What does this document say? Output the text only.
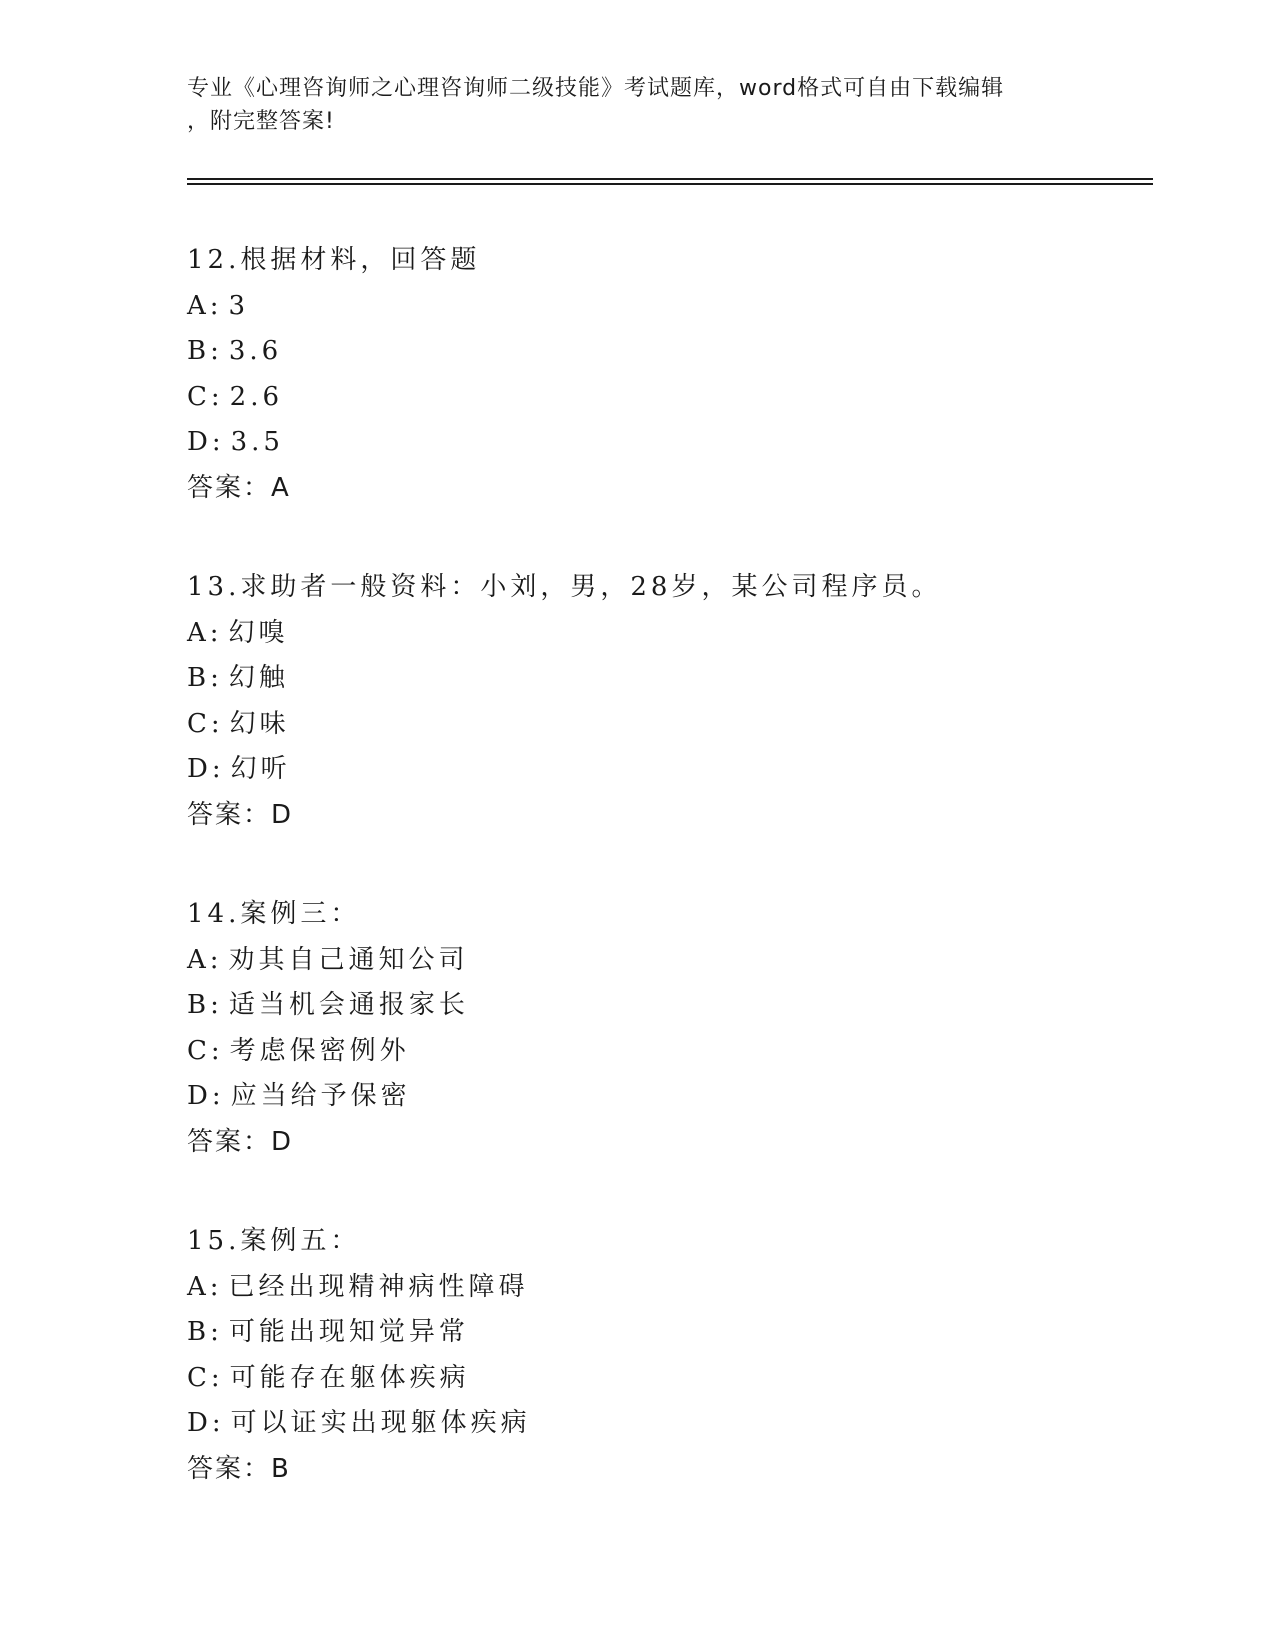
专业《心理咨询师之心理咨询师二级技能》考试题库，word格式可自由下载编辑
，附完整答案!
12.根据材料，回答题
A: 3
B: 3.6
C: 2.6
D: 3.5
答案：A
13.求助者一般资料：小刘，男，28岁，某公司程序员。
A: 幻嗅
B: 幻触
C: 幻味
D: 幻听
答案：D
14.案例三：
A: 劝其自己通知公司
B: 适当机会通报家长
C: 考虑保密例外
D: 应当给予保密
答案：D
15.案例五：
A: 已经出现精神病性障碍
B: 可能出现知觉异常
C: 可能存在躯体疾病
D: 可以证实出现躯体疾病
答案：B
